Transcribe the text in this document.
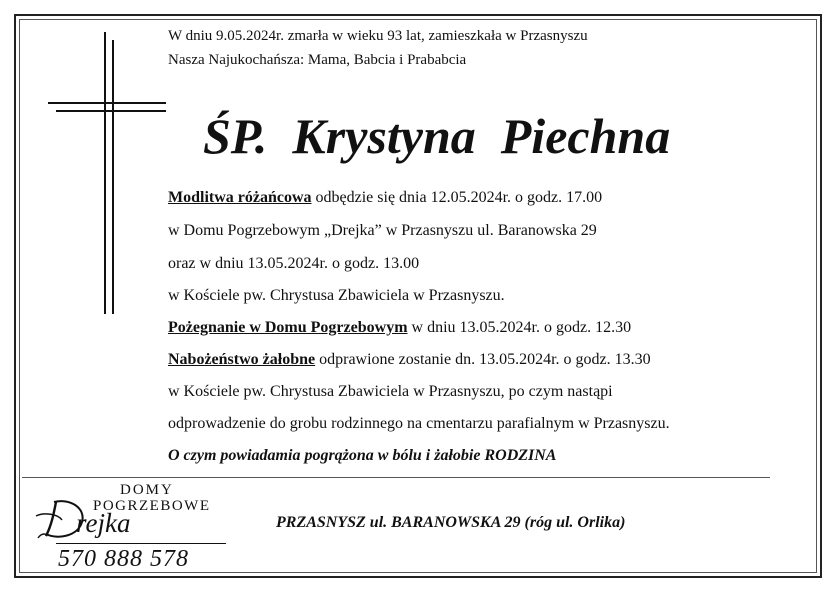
W dniu 9.05.2024r. zmarła w wieku 93 lat, zamieszkała w Przasnyszu
Nasza Najukochańsza: Mama, Babcia i Prababcia
ŚP.  Krystyna  Piechna
Modlitwa różańcowa odbędzie się dnia 12.05.2024r. o godz. 17.00
w Domu Pogrzebowym „Drejka” w Przasnyszu ul. Baranowska 29
oraz w dniu 13.05.2024r. o godz. 13.00
w Kościele pw. Chrystusa Zbawiciela w Przasnyszu.
Pożegnanie w Domu Pogrzebowym w dniu 13.05.2024r. o godz. 12.30
Nabożeństwo żałobne odprawione zostanie dn. 13.05.2024r. o godz. 13.30
w Kościele pw. Chrystusa Zbawiciela w Przasnyszu, po czym nastąpi
odprowadzenie do grobu rodzinnego na cmentarzu parafialnym w Przasnyszu.
O czym powiadamia pogrążona w bólu i żałobie RODZINA
DOMY
POGRZEBOWE
rejka
570 888 578
PRZASNYSZ ul. BARANOWSKA 29 (róg ul. Orlika)
